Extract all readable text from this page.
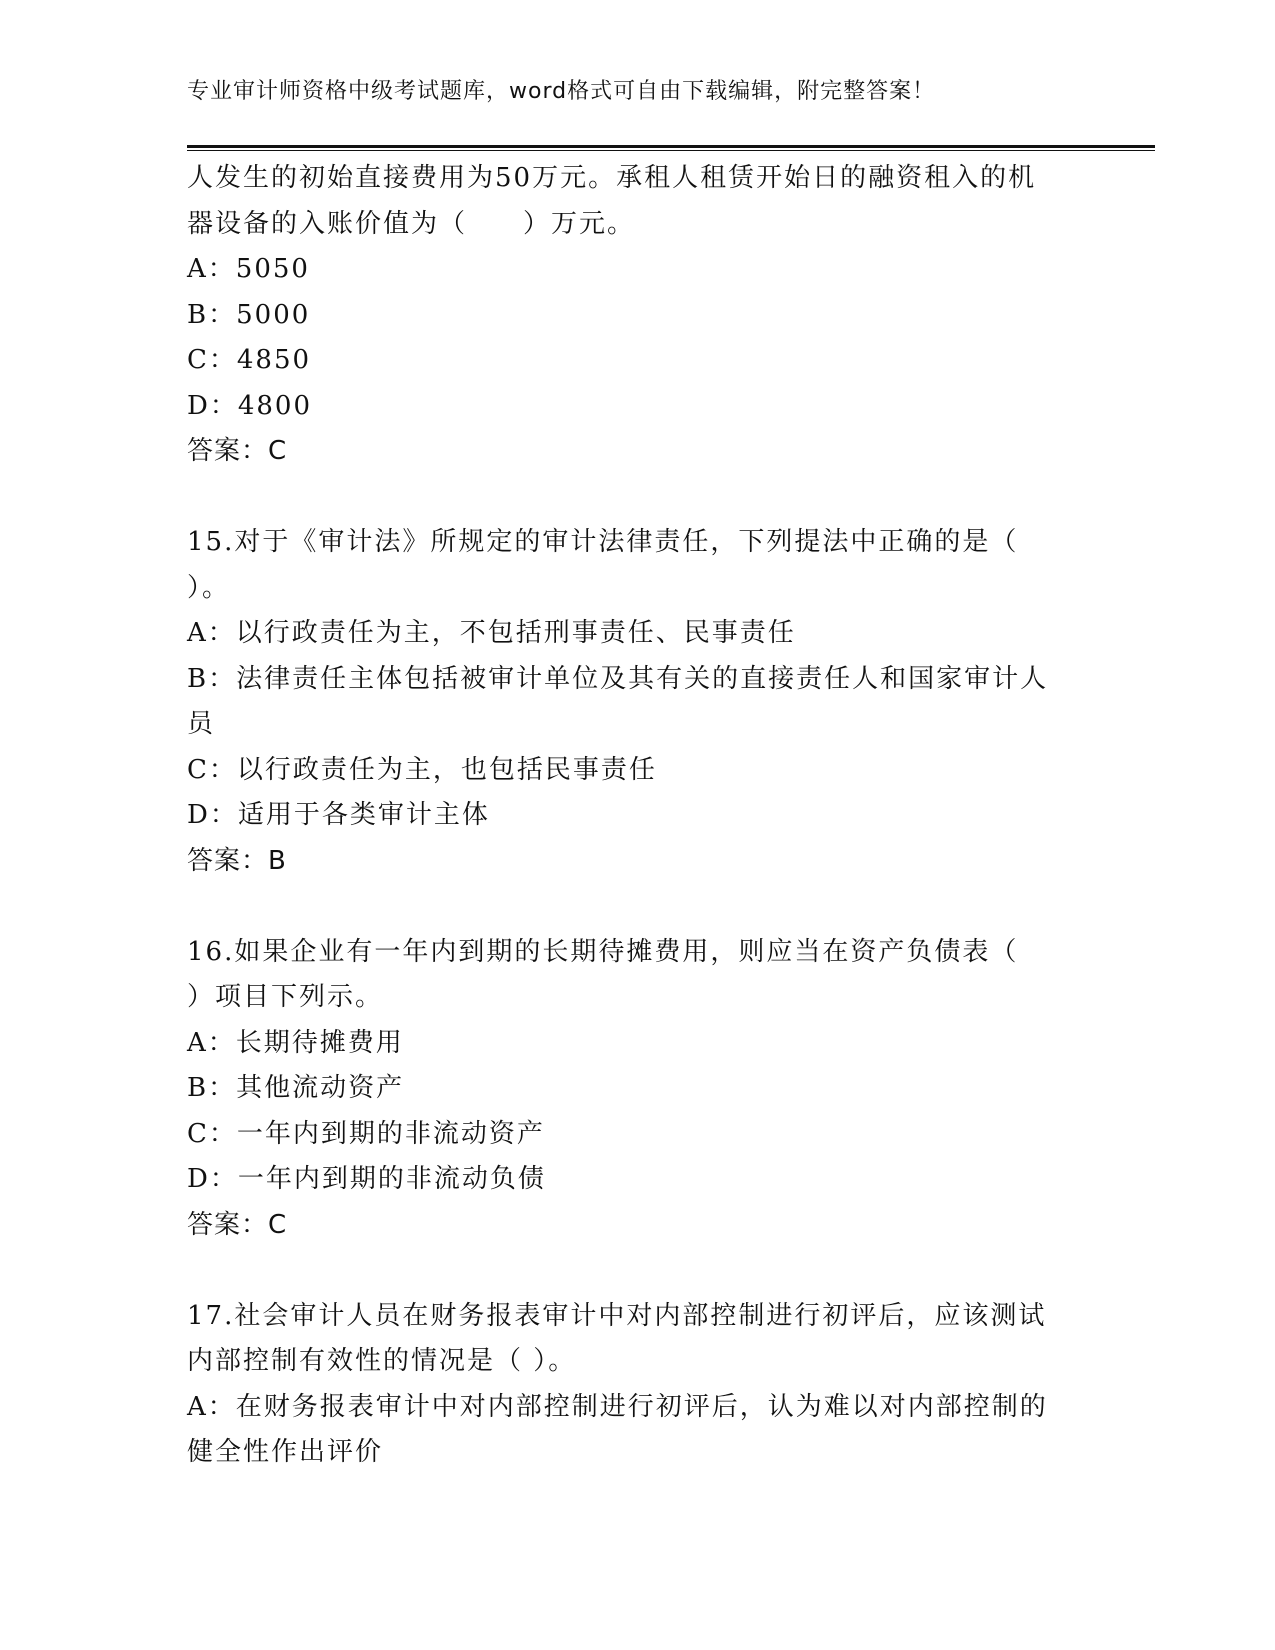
专业审计师资格中级考试题库，word格式可自由下载编辑，附完整答案！
人发生的初始直接费用为50万元。承租人租赁开始日的融资租入的机
器设备的入账价值为（　　）万元。
A：5050
B：5000
C：4850
D：4800
答案：C
15.对于《审计法》所规定的审计法律责任，下列提法中正确的是（
）。
A：以行政责任为主，不包括刑事责任、民事责任
B：法律责任主体包括被审计单位及其有关的直接责任人和国家审计人
员
C：以行政责任为主，也包括民事责任
D：适用于各类审计主体
答案：B
16.如果企业有一年内到期的长期待摊费用，则应当在资产负债表（
）项目下列示。
A：长期待摊费用
B：其他流动资产
C：一年内到期的非流动资产
D：一年内到期的非流动负债
答案：C
17.社会审计人员在财务报表审计中对内部控制进行初评后，应该测试
内部控制有效性的情况是（ ）。
A：在财务报表审计中对内部控制进行初评后，认为难以对内部控制的
健全性作出评价
